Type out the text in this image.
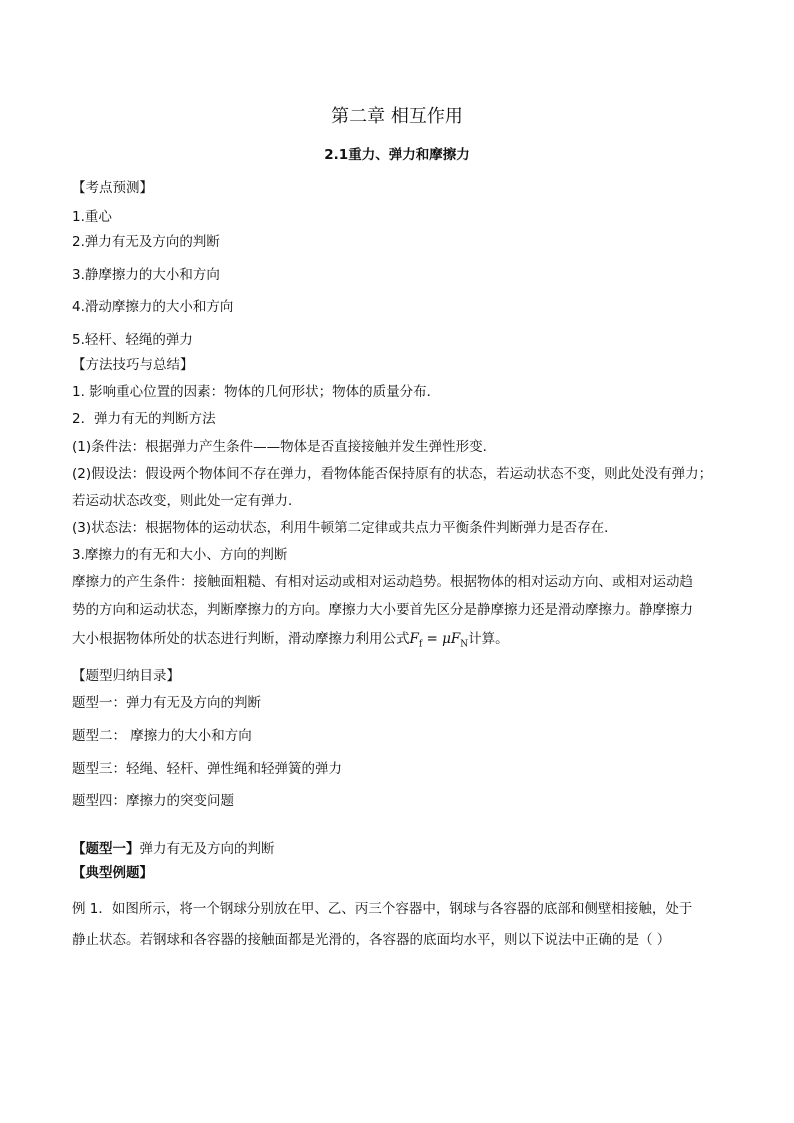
第二章 相互作用
2.1重力、弹力和摩擦力
【考点预测】
1.重心
2.弹力有无及方向的判断
3.静摩擦力的大小和方向
4.滑动摩擦力的大小和方向
5.轻杆、轻绳的弹力
【方法技巧与总结】
1. 影响重心位置的因素：物体的几何形状；物体的质量分布．
2．弹力有无的判断方法
(1)条件法：根据弹力产生条件——物体是否直接接触并发生弹性形变．
(2)假设法：假设两个物体间不存在弹力，看物体能否保持原有的状态，若运动状态不变，则此处没有弹力；
若运动状态改变，则此处一定有弹力．
(3)状态法：根据物体的运动状态，利用牛顿第二定律或共点力平衡条件判断弹力是否存在．
3.摩擦力的有无和大小、方向的判断
摩擦力的产生条件：接触面粗糙、有相对运动或相对运动趋势。根据物体的相对运动方向、或相对运动趋
势的方向和运动状态，判断摩擦力的方向。摩擦力大小要首先区分是静摩擦力还是滑动摩擦力。静摩擦力
大小根据物体所处的状态进行判断，滑动摩擦力利用公式$F_f = \mu F_N$计算。
【题型归纳目录】
题型一：弹力有无及方向的判断
题型二： 摩擦力的大小和方向
题型三：轻绳、轻杆、弹性绳和轻弹簧的弹力
题型四：摩擦力的突变问题
【题型一】弹力有无及方向的判断
【典型例题】
例 1．如图所示，将一个钢球分别放在甲、乙、丙三个容器中，钢球与各容器的底部和侧壁相接触，处于
静止状态。若钢球和各容器的接触面都是光滑的，各容器的底面均水平，则以下说法中正确的是（ ）
